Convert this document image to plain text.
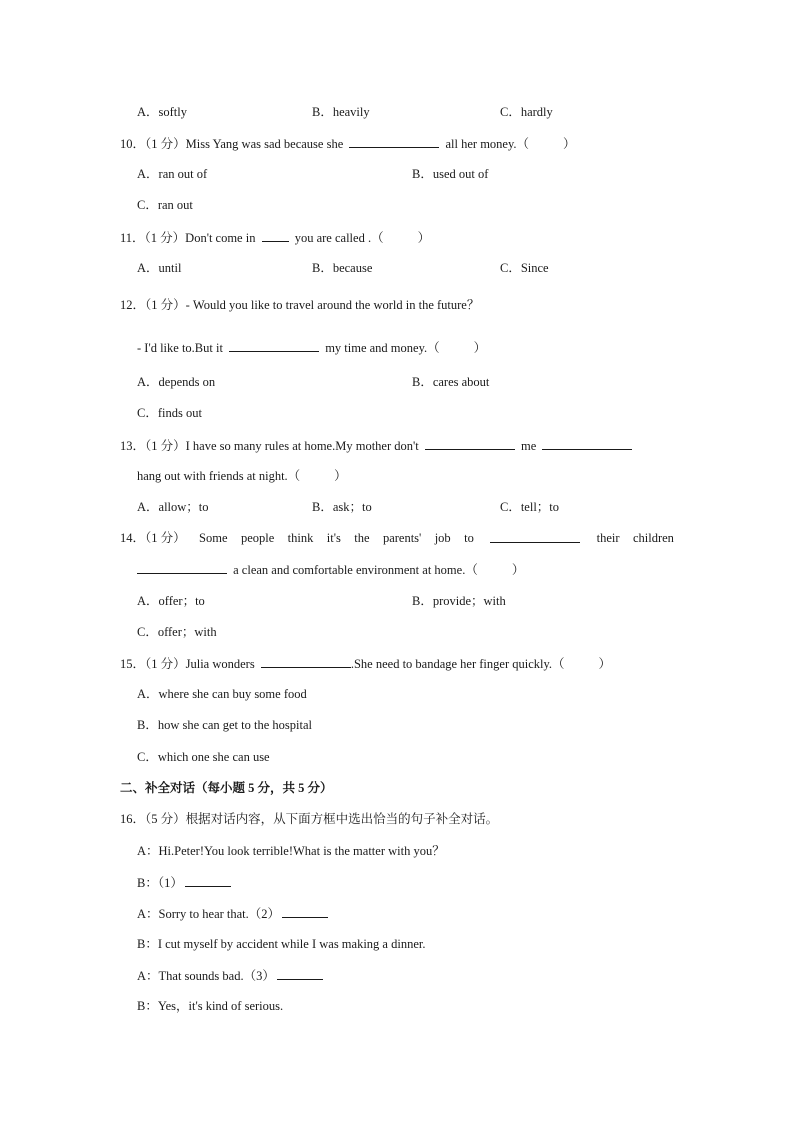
A．softly	B．heavily	C．hardly
10．（1 分）Miss Yang was sad because she	all her money.（	）
A．ran out of	B．used out of
C．ran out
11．（1 分）Don't come in	you are called .（	）
A．until	B．because	C．Since
12．（1 分）- Would you like to travel around the world in the future？
- I'd like to.But it	my time and money.（	）
A．depends on	B．cares about
C．finds out
13．（1 分）I have so many rules at home.My mother don't	me
hang out with friends at night.（	）
A．allow；to	B．ask；to	C．tell；to
14．（1 分） Some people think it's the parents' job to	their children
a clean and comfortable environment at home.（	）
A．offer；to	B．provide；with
C．offer；with
15．（1 分）Julia wonders	.She need to bandage her finger quickly.（	）
A．where she can buy some food
B．how she can get to the hospital
C．which one she can use
二、补全对话（每小题 5 分，共 5 分）
16．（5 分）根据对话内容，从下面方框中选出恰当的句子补全对话。
A：Hi.Peter!You look terrible!What is the matter with you？
B：（1）
A：Sorry to hear that.（2）
B：I cut myself by accident while I was making a dinner.
A：That sounds bad.（3）
B：Yes，it's kind of serious.
